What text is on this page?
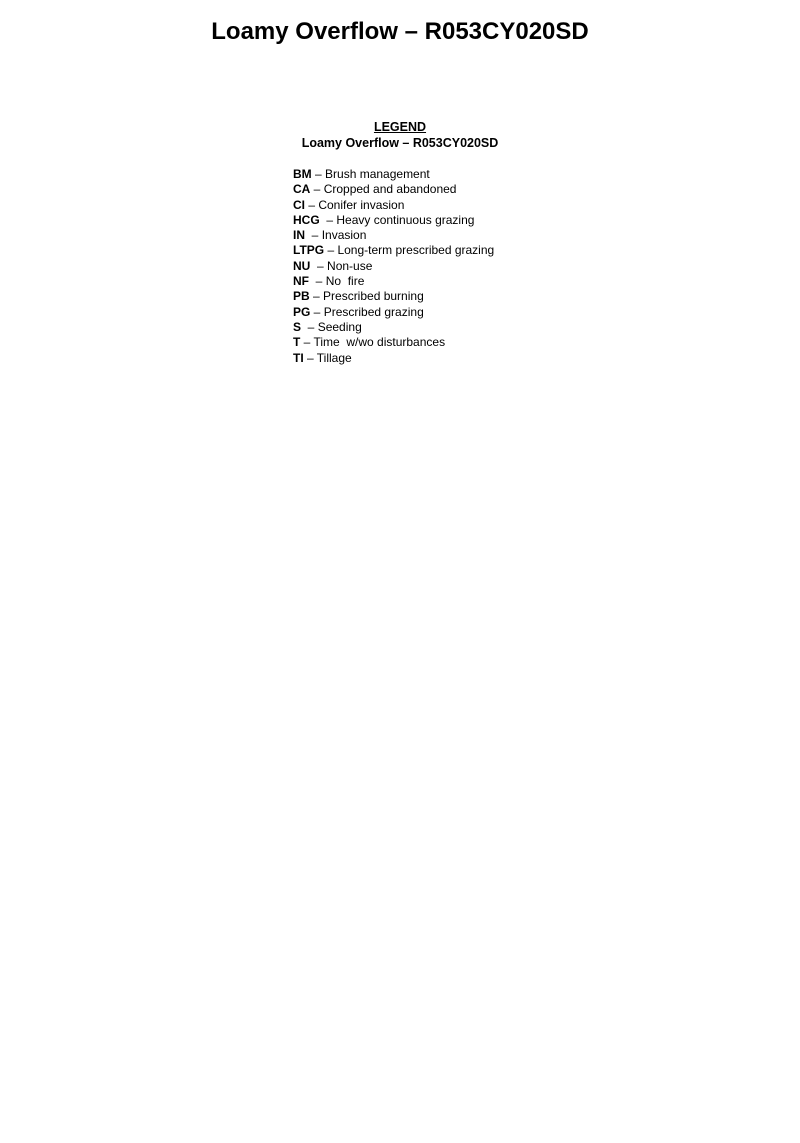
Loamy Overflow – R053CY020SD
LEGEND
Loamy Overflow – R053CY020SD
BM – Brush management
CA – Cropped and abandoned
CI – Conifer invasion
HCG  – Heavy continuous grazing
IN  – Invasion
LTPG – Long-term prescribed grazing
NU  – Non-use
NF  – No  fire
PB – Prescribed burning
PG – Prescribed grazing
S  – Seeding
T – Time  w/wo disturbances
TI – Tillage
